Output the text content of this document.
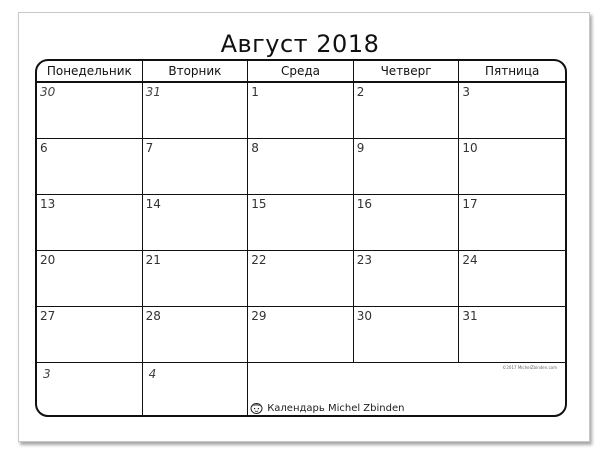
Август 2018
Понедельник	Вторник	Среда	Четверг	Пятница
30	31	1	2	3
6	7	8	9	10
13	14	15	16	17
20	21	22	23	24
27	28	29	30	31
3	4	©2017 MichelZbinden.com
Календарь Michel Zbinden
